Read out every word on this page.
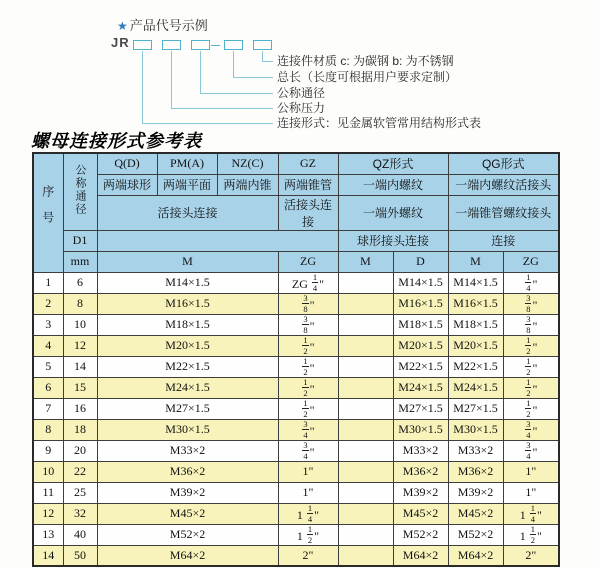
★ 产品代号示例
JR
连接件材质 c: 为碳钢 b: 为不锈钢
总长（长度可根据用户要求定制）
公称通径
公称压力
连接形式：见金属软管常用结构形式表
螺母连接形式参考表
序号	公称通径	Q(D)	PM(A)	NZ(C)	GZ	QZ形式		QG形式	
		两端球形	两端平面	两端内锥	两端锥管	一端内螺纹		一端内螺纹活接头	
		活接头连接			活接头连接	一端外螺纹		一端锥管螺纹接头	
	D1					球形接头连接		连接	
	mm	M			ZG	M	D	M	ZG
1	6	M14×1.5			ZG $\frac{1}{4}$ "		M14×1.5	M14×1.5	$\frac{1}{4}$ "
2	8	M16×1.5			$\frac{3}{8}$ "		M16×1.5	M16×1.5	$\frac{3}{8}$ "
3	10	M18×1.5			$\frac{3}{8}$ "		M18×1.5	M18×1.5	$\frac{3}{8}$ "
4	12	M20×1.5			$\frac{1}{2}$ "		M20×1.5	M20×1.5	$\frac{1}{2}$ "
5	14	M22×1.5			$\frac{1}{2}$ "		M22×1.5	M22×1.5	$\frac{1}{2}$ "
6	15	M24×1.5			$\frac{1}{2}$ "		M24×1.5	M24×1.5	$\frac{1}{2}$ "
7	16	M27×1.5			$\frac{1}{2}$ "		M27×1.5	M27×1.5	$\frac{1}{2}$ "
8	18	M30×1.5			$\frac{3}{4}$ "		M30×1.5	M30×1.5	$\frac{3}{4}$ "
9	20	M33×2			$\frac{3}{4}$ "		M33×2	M33×2	$\frac{3}{4}$ "
10	22	M36×2			1"		M36×2	M36×2	1"
11	25	M39×2			1"		M39×2	M39×2	1"
12	32	M45×2			$1 \frac{1}{4}$ "		M45×2	M45×2	$1 \frac{1}{4}$ "
13	40	M52×2			$1 \frac{1}{2}$ "		M52×2	M52×2	$1 \frac{1}{2}$ "
14	50	M64×2			2"		M64×2	M64×2	2"
